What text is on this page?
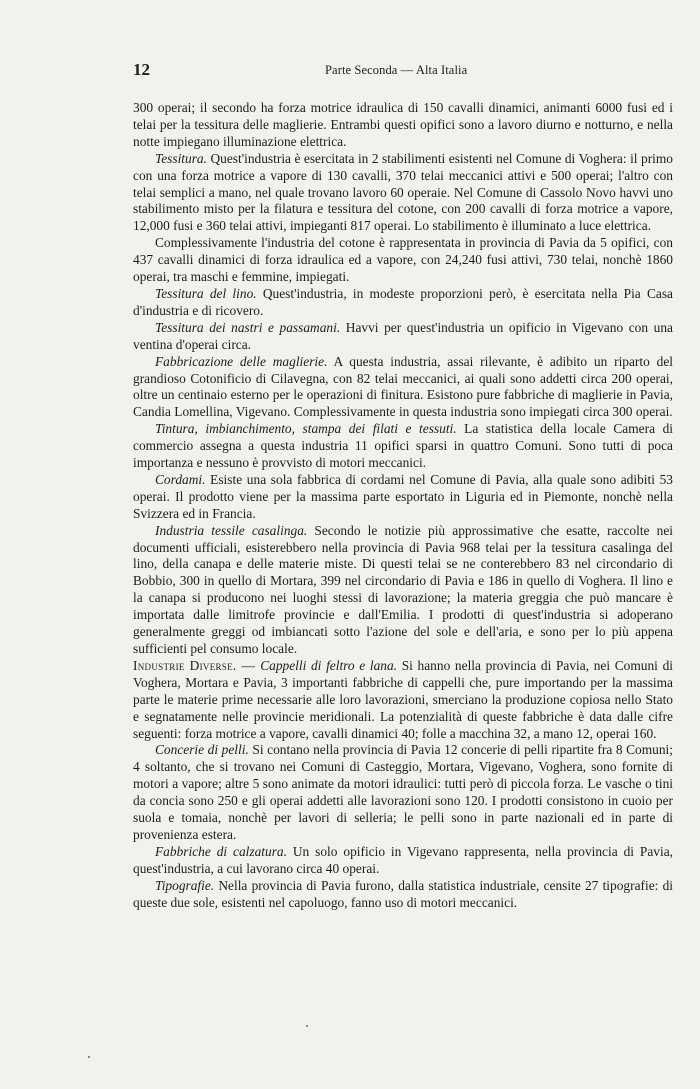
12	Parte Seconda — Alta Italia

300 operai; il secondo ha forza motrice idraulica di 150 cavalli dinamici, animanti 6000 fusi ed i telai per la tessitura delle maglierie. Entrambi questi opifici sono a lavoro diurno e notturno, e nella notte impiegano illuminazione elettrica.

Tessitura. Quest'industria è esercitata in 2 stabilimenti esistenti nel Comune di Voghera: il primo con una forza motrice a vapore di 130 cavalli, 370 telai meccanici attivi e 500 operai; l'altro con telai semplici a mano, nel quale trovano lavoro 60 operaie. Nel Comune di Cassolo Novo havvi uno stabilimento misto per la filatura e tessitura del cotone, con 200 cavalli di forza motrice a vapore, 12,000 fusi e 360 telai attivi, impieganti 817 operai. Lo stabilimento è illuminato a luce elettrica.

Complessivamente l'industria del cotone è rappresentata in provincia di Pavia da 5 opifici, con 437 cavalli dinamici di forza idraulica ed a vapore, con 24,240 fusi attivi, 730 telai, nonchè 1860 operai, tra maschi e femmine, impiegati.

Tessitura del lino. Quest'industria, in modeste proporzioni però, è esercitata nella Pia Casa d'industria e di ricovero.

Tessitura dei nastri e passamani. Havvi per quest'industria un opificio in Vigevano con una ventina d'operai circa.

Fabbricazione delle maglierie. A questa industria, assai rilevante, è adibito un riparto del grandioso Cotonificio di Cilavegna, con 82 telai meccanici, ai quali sono addetti circa 200 operai, oltre un centinaio esterno per le operazioni di finitura. Esistono pure fabbriche di maglierie in Pavia, Candia Lomellina, Vigevano. Complessivamente in questa industria sono impiegati circa 300 operai.

Tintura, imbianchimento, stampa dei filati e tessuti. La statistica della locale Camera di commercio assegna a questa industria 11 opifici sparsi in quattro Comuni. Sono tutti di poca importanza e nessuno è provvisto di motori meccanici.

Cordami. Esiste una sola fabbrica di cordami nel Comune di Pavia, alla quale sono adibiti 53 operai. Il prodotto viene per la massima parte esportato in Liguria ed in Piemonte, nonchè nella Svizzera ed in Francia.

Industria tessile casalinga. Secondo le notizie più approssimative che esatte, raccolte nei documenti ufficiali, esisterebbero nella provincia di Pavia 968 telai per la tessitura casalinga del lino, della canapa e delle materie miste. Di questi telai se ne conterebbero 83 nel circondario di Bobbio, 300 in quello di Mortara, 399 nel circondario di Pavia e 186 in quello di Voghera. Il lino e la canapa si producono nei luoghi stessi di lavorazione; la materia greggia che può mancare è importata dalle limitrofe provincie e dall'Emilia. I prodotti di quest'industria si adoperano generalmente greggi od imbiancati sotto l'azione del sole e dell'aria, e sono per lo più appena sufficienti pel consumo locale.

Industrie Diverse. — Cappelli di feltro e lana. Si hanno nella provincia di Pavia, nei Comuni di Voghera, Mortara e Pavia, 3 importanti fabbriche di cappelli che, pure importando per la massima parte le materie prime necessarie alle loro lavorazioni, smerciano la produzione copiosa nello Stato e segnatamente nelle provincie meridionali. La potenzialità di queste fabbriche è data dalle cifre seguenti: forza motrice a vapore, cavalli dinamici 40; folle a macchina 32, a mano 12, operai 160.

Concerie di pelli. Si contano nella provincia di Pavia 12 concerie di pelli ripartite fra 8 Comuni; 4 soltanto, che si trovano nei Comuni di Casteggio, Mortara, Vigevano, Voghera, sono fornite di motori a vapore; altre 5 sono animate da motori idraulici: tutti però di piccola forza. Le vasche o tini da concia sono 250 e gli operai addetti alle lavorazioni sono 120. I prodotti consistono in cuoio per suola e tomaia, nonchè per lavori di selleria; le pelli sono in parte nazionali ed in parte di provenienza estera.

Fabbriche di calzatura. Un solo opificio in Vigevano rappresenta, nella provincia di Pavia, quest'industria, a cui lavorano circa 40 operai.

Tipografie. Nella provincia di Pavia furono, dalla statistica industriale, censite 27 tipografie: di queste due sole, esistenti nel capoluogo, fanno uso di motori meccanici.
